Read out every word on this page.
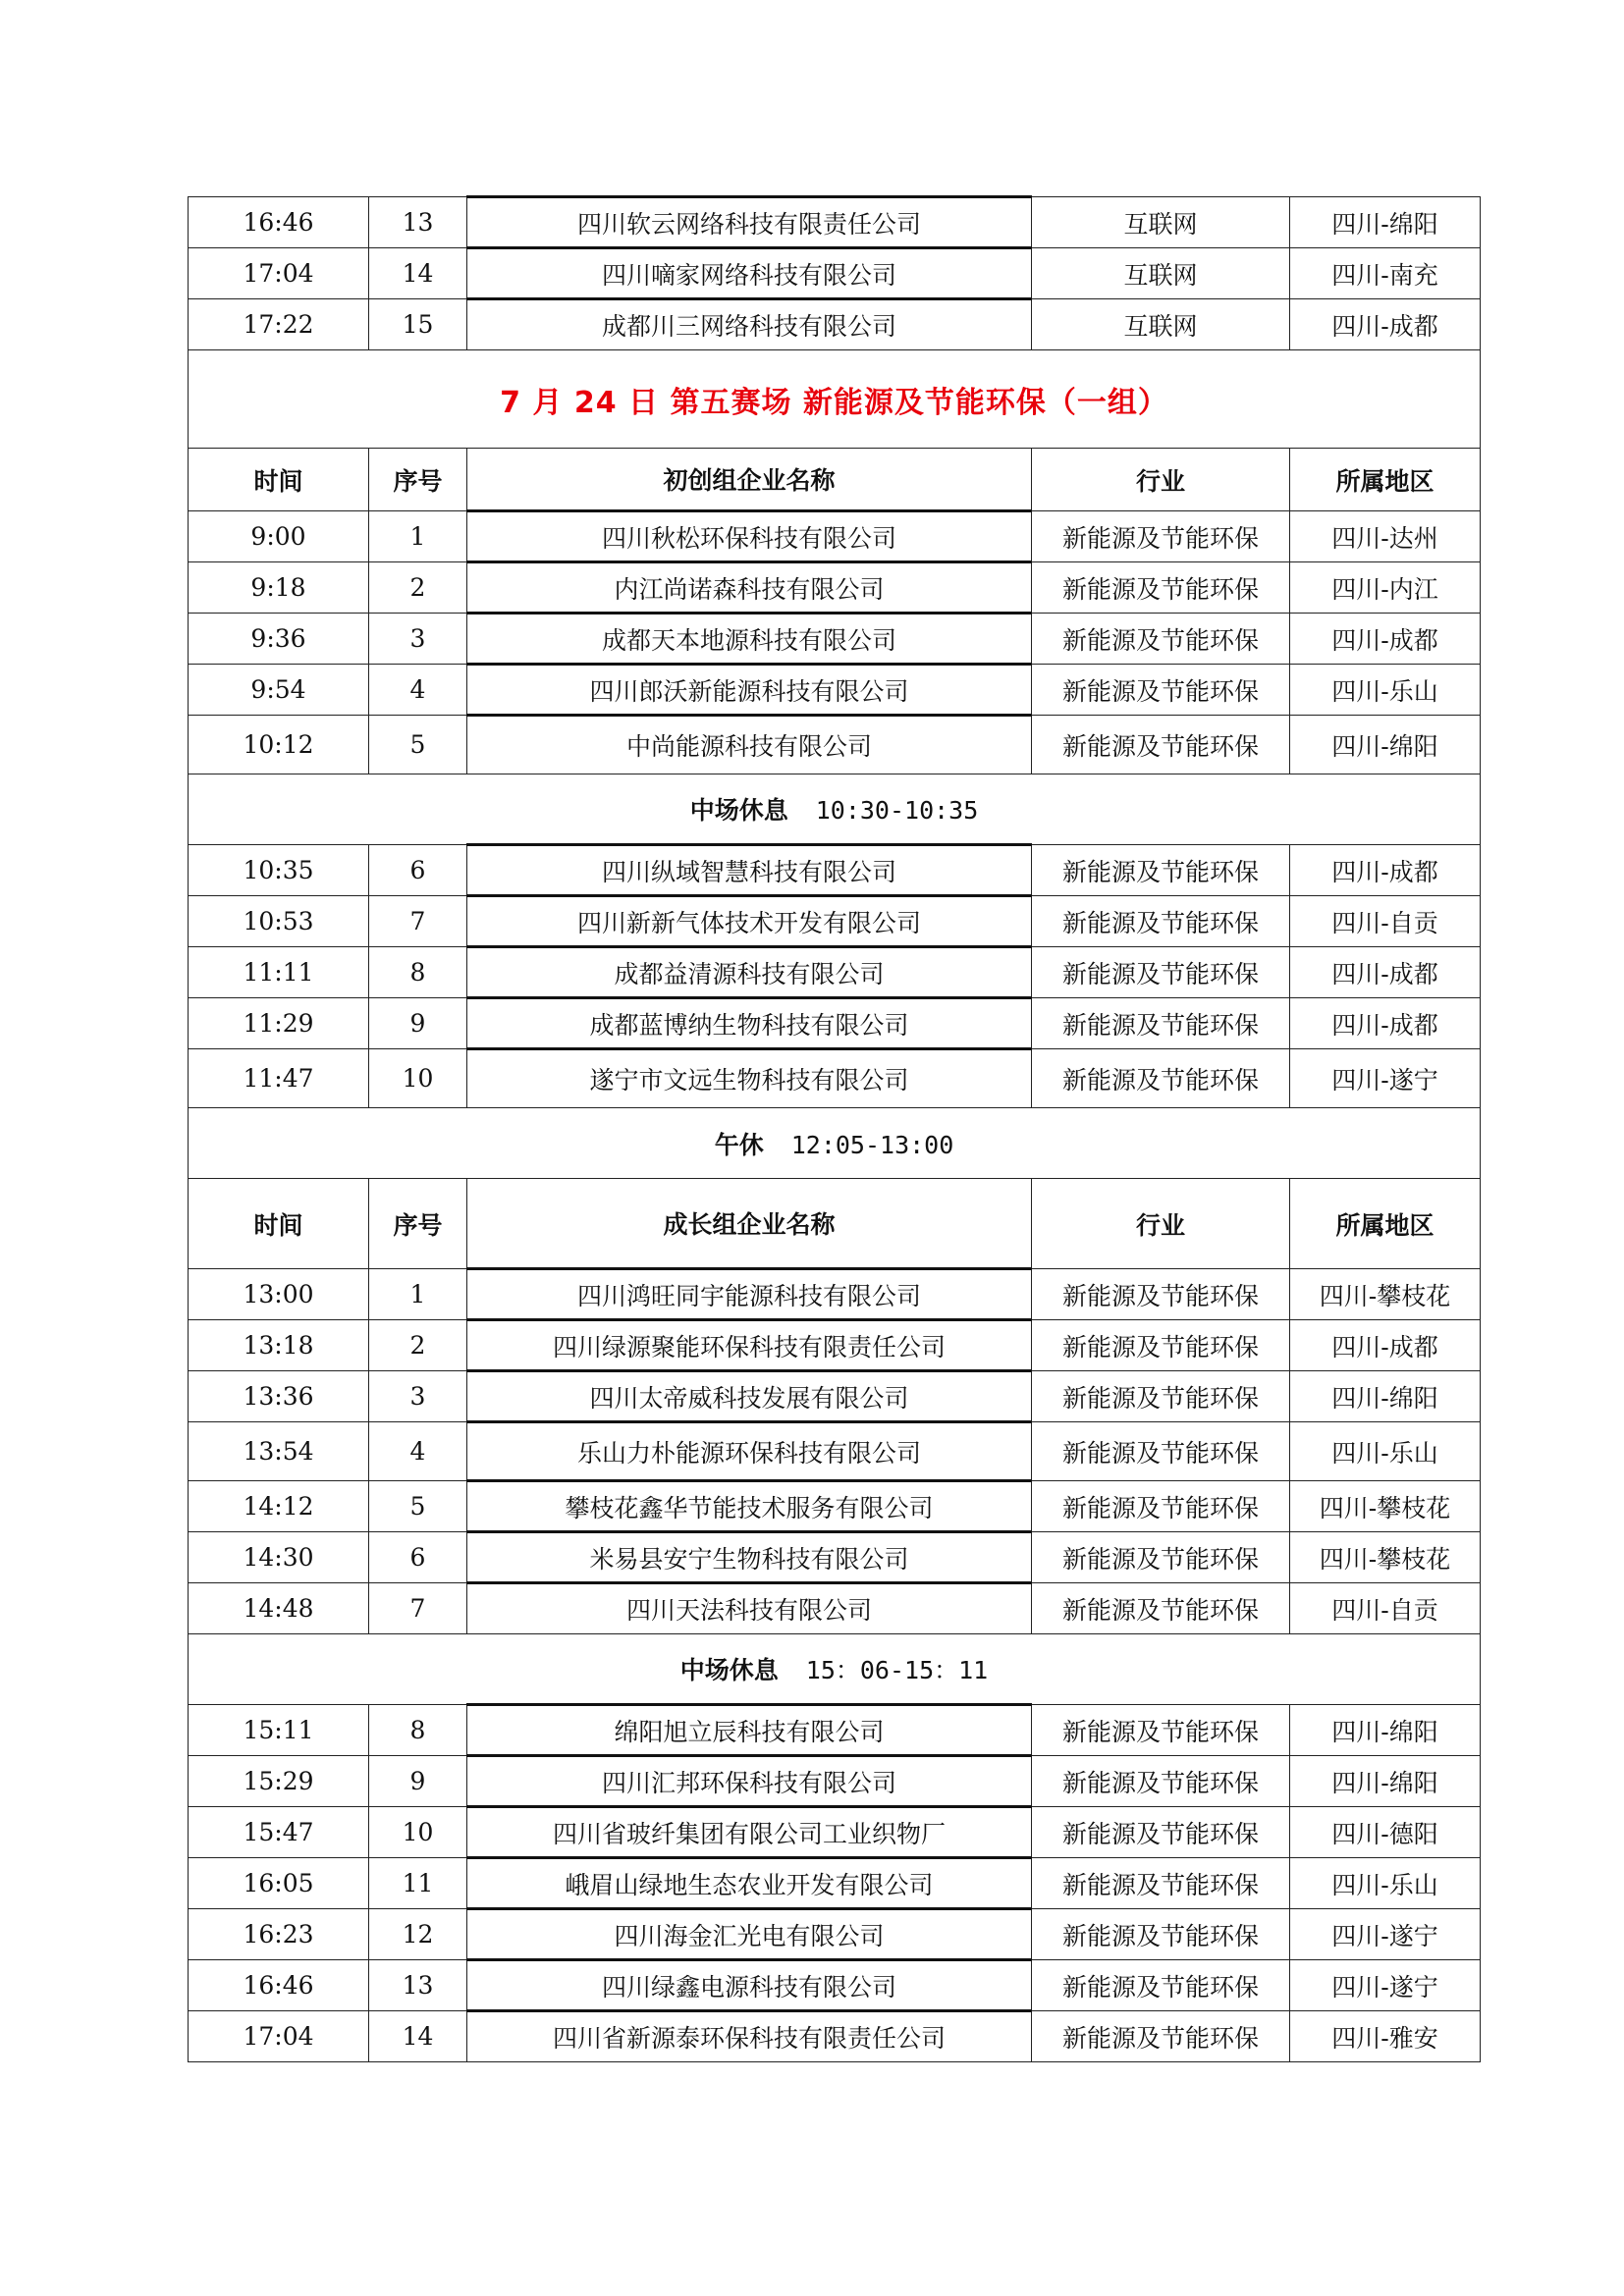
16:46	13	四川软云网络科技有限责任公司	互联网	四川-绵阳
17:04	14	四川嘀家网络科技有限公司	互联网	四川-南充
17:22	15	成都川三网络科技有限公司	互联网	四川-成都
7 月 24 日 第五赛场 新能源及节能环保（一组）				
时间	序号	初创组企业名称	行业	所属地区
9:00	1	四川秋松环保科技有限公司	新能源及节能环保	四川-达州
9:18	2	内江尚诺森科技有限公司	新能源及节能环保	四川-内江
9:36	3	成都天本地源科技有限公司	新能源及节能环保	四川-成都
9:54	4	四川郎沃新能源科技有限公司	新能源及节能环保	四川-乐山
10:12	5	中尚能源科技有限公司	新能源及节能环保	四川-绵阳
中场休息 10:30-10:35				
10:35	6	四川纵域智慧科技有限公司	新能源及节能环保	四川-成都
10:53	7	四川新新气体技术开发有限公司	新能源及节能环保	四川-自贡
11:11	8	成都益清源科技有限公司	新能源及节能环保	四川-成都
11:29	9	成都蓝博纳生物科技有限公司	新能源及节能环保	四川-成都
11:47	10	遂宁市文远生物科技有限公司	新能源及节能环保	四川-遂宁
午休 12:05-13:00				
时间	序号	成长组企业名称	行业	所属地区
13:00	1	四川鸿旺同宇能源科技有限公司	新能源及节能环保	四川-攀枝花
13:18	2	四川绿源聚能环保科技有限责任公司	新能源及节能环保	四川-成都
13:36	3	四川太帝威科技发展有限公司	新能源及节能环保	四川-绵阳
13:54	4	乐山力朴能源环保科技有限公司	新能源及节能环保	四川-乐山
14:12	5	攀枝花鑫华节能技术服务有限公司	新能源及节能环保	四川-攀枝花
14:30	6	米易县安宁生物科技有限公司	新能源及节能环保	四川-攀枝花
14:48	7	四川天法科技有限公司	新能源及节能环保	四川-自贡
中场休息 15：06-15：11				
15:11	8	绵阳旭立辰科技有限公司	新能源及节能环保	四川-绵阳
15:29	9	四川汇邦环保科技有限公司	新能源及节能环保	四川-绵阳
15:47	10	四川省玻纤集团有限公司工业织物厂	新能源及节能环保	四川-德阳
16:05	11	峨眉山绿地生态农业开发有限公司	新能源及节能环保	四川-乐山
16:23	12	四川海金汇光电有限公司	新能源及节能环保	四川-遂宁
16:46	13	四川绿鑫电源科技有限公司	新能源及节能环保	四川-遂宁
17:04	14	四川省新源泰环保科技有限责任公司	新能源及节能环保	四川-雅安
